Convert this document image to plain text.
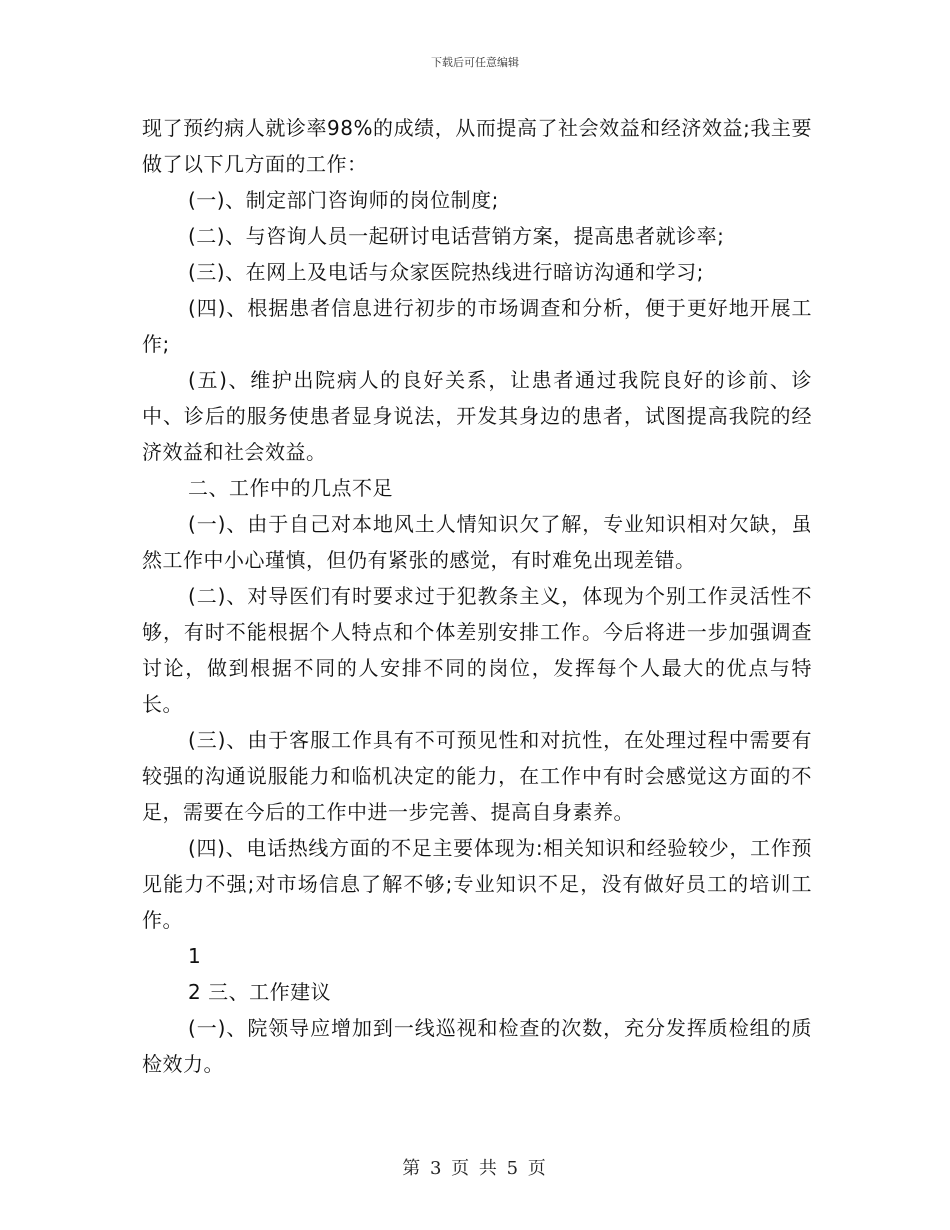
下载后可任意编辑

现了预约病人就诊率98%的成绩，从而提高了社会效益和经济效益;我主要做了以下几方面的工作：

(一)、制定部门咨询师的岗位制度;

(二)、与咨询人员一起研讨电话营销方案，提高患者就诊率;

(三)、在网上及电话与众家医院热线进行暗访沟通和学习;

(四)、根据患者信息进行初步的市场调查和分析，便于更好地开展工作;

(五)、维护出院病人的良好关系，让患者通过我院良好的诊前、诊中、诊后的服务使患者显身说法，开发其身边的患者，试图提高我院的经济效益和社会效益。

二、工作中的几点不足

(一)、由于自己对本地风土人情知识欠了解，专业知识相对欠缺，虽然工作中小心瑾慎，但仍有紧张的感觉，有时难免出现差错。

(二)、对导医们有时要求过于犯教条主义，体现为个别工作灵活性不够，有时不能根据个人特点和个体差别安排工作。今后将进一步加强调查讨论，做到根据不同的人安排不同的岗位，发挥每个人最大的优点与特长。

(三)、由于客服工作具有不可预见性和对抗性，在处理过程中需要有较强的沟通说服能力和临机决定的能力，在工作中有时会感觉这方面的不足，需要在今后的工作中进一步完善、提高自身素养。

(四)、电话热线方面的不足主要体现为:相关知识和经验较少，工作预见能力不强;对市场信息了解不够;专业知识不足，没有做好员工的培训工作。

1

2 三、工作建议

(一)、院领导应增加到一线巡视和检查的次数，充分发挥质检组的质检效力。

第 3 页 共 5 页
